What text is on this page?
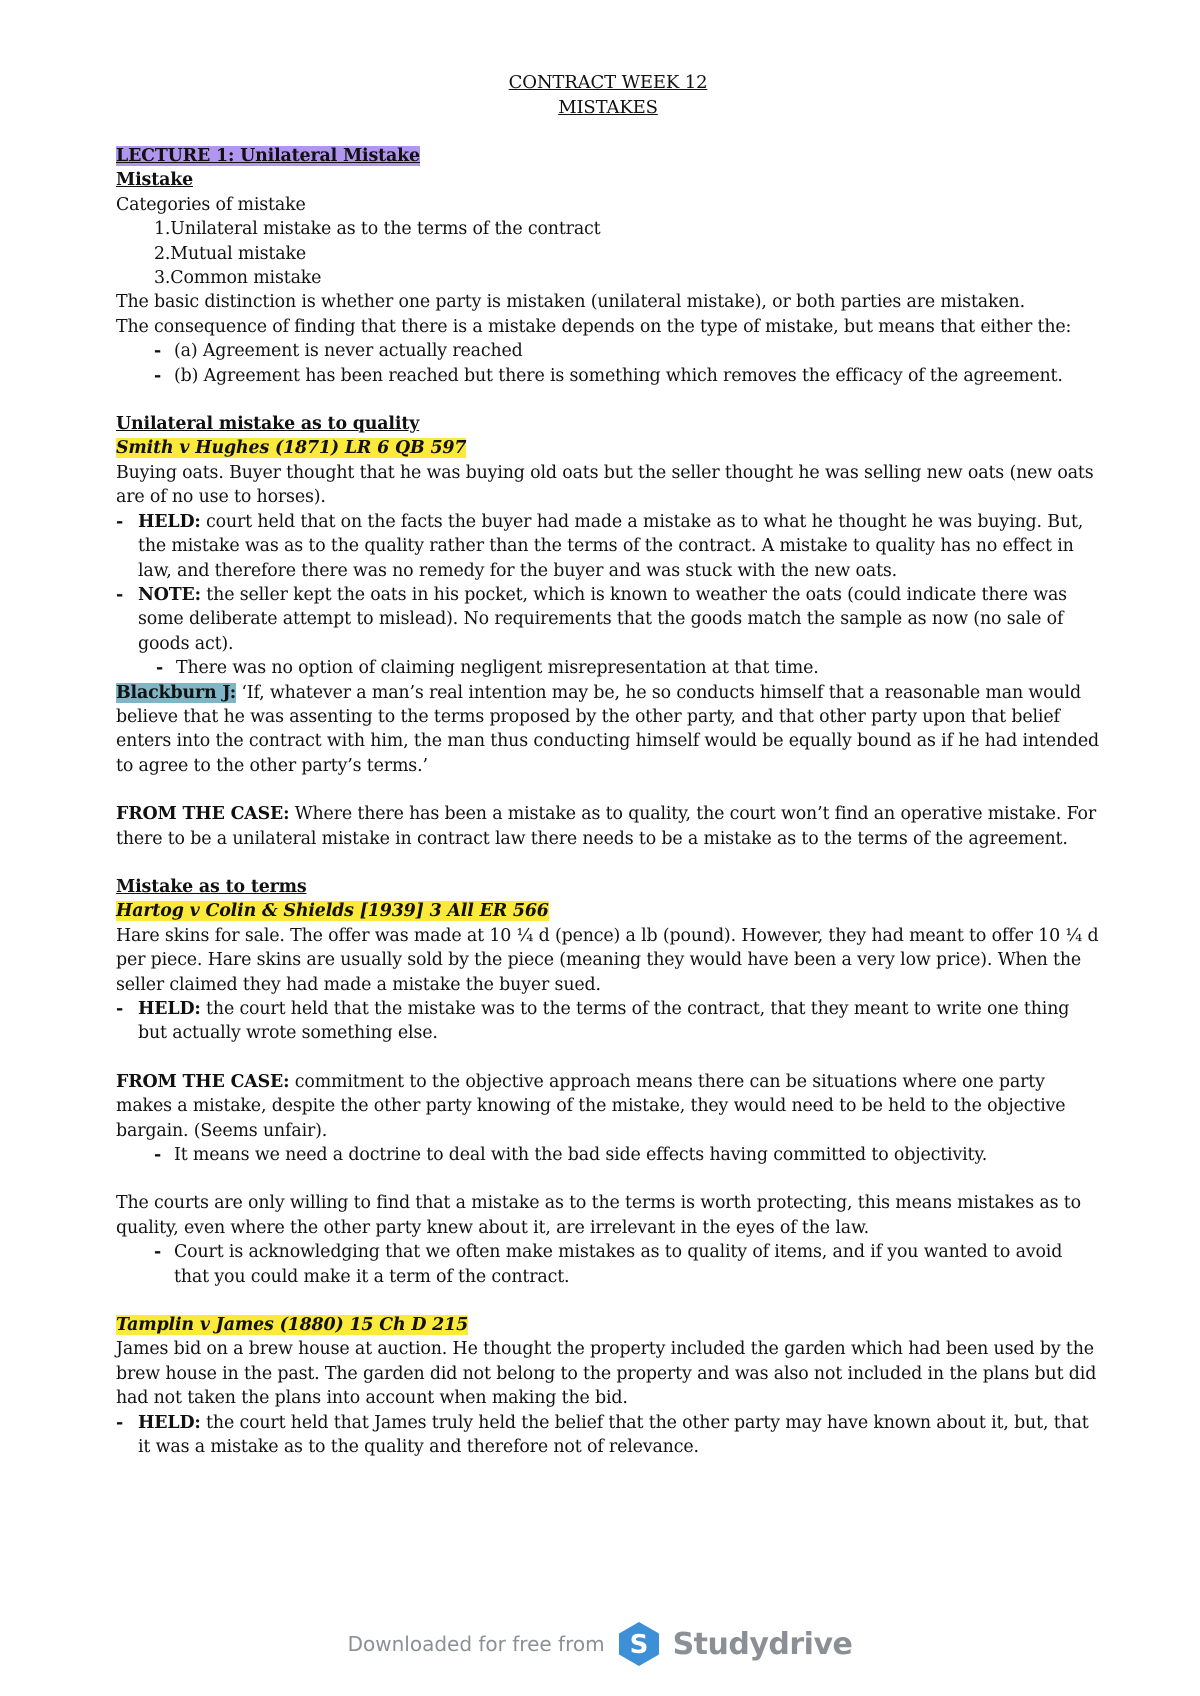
CONTRACT WEEK 12

MISTAKES

LECTURE 1: Unilateral Mistake

Mistake

Categories of mistake

1.Unilateral mistake as to the terms of the contract

2.Mutual mistake

3.Common mistake

The basic distinction is whether one party is mistaken (unilateral mistake), or both parties are mistaken.

The consequence of finding that there is a mistake depends on the type of mistake, but means that either the:

- (a) Agreement is never actually reached

- (b) Agreement has been reached but there is something which removes the efficacy of the agreement.

Unilateral mistake as to quality

Smith v Hughes (1871) LR 6 QB 597

Buying oats. Buyer thought that he was buying old oats but the seller thought he was selling new oats (new oats are of no use to horses).

- HELD: court held that on the facts the buyer had made a mistake as to what he thought he was buying. But, the mistake was as to the quality rather than the terms of the contract. A mistake to quality has no effect in law, and therefore there was no remedy for the buyer and was stuck with the new oats.

- NOTE: the seller kept the oats in his pocket, which is known to weather the oats (could indicate there was some deliberate attempt to mislead). No requirements that the goods match the sample as now (no sale of goods act).

- There was no option of claiming negligent misrepresentation at that time.

Blackburn J: ‘If, whatever a man’s real intention may be, he so conducts himself that a reasonable man would believe that he was assenting to the terms proposed by the other party, and that other party upon that belief enters into the contract with him, the man thus conducting himself would be equally bound as if he had intended to agree to the other party’s terms.’

FROM THE CASE: Where there has been a mistake as to quality, the court won’t find an operative mistake. For there to be a unilateral mistake in contract law there needs to be a mistake as to the terms of the agreement.

Mistake as to terms

Hartog v Colin & Shields [1939] 3 All ER 566

Hare skins for sale. The offer was made at 10 ¼ d (pence) a lb (pound). However, they had meant to offer 10 ¼ d per piece. Hare skins are usually sold by the piece (meaning they would have been a very low price). When the seller claimed they had made a mistake the buyer sued.

- HELD: the court held that the mistake was to the terms of the contract, that they meant to write one thing but actually wrote something else.

FROM THE CASE: commitment to the objective approach means there can be situations where one party makes a mistake, despite the other party knowing of the mistake, they would need to be held to the objective bargain. (Seems unfair).

- It means we need a doctrine to deal with the bad side effects having committed to objectivity.

The courts are only willing to find that a mistake as to the terms is worth protecting, this means mistakes as to quality, even where the other party knew about it, are irrelevant in the eyes of the law.

- Court is acknowledging that we often make mistakes as to quality of items, and if you wanted to avoid that you could make it a term of the contract.

Tamplin v James (1880) 15 Ch D 215

James bid on a brew house at auction. He thought the property included the garden which had been used by the brew house in the past. The garden did not belong to the property and was also not included in the plans but did had not taken the plans into account when making the bid.

- HELD: the court held that James truly held the belief that the other party may have known about it, but, that it was a mistake as to the quality and therefore not of relevance.

Downloaded for free from S Studydrive
